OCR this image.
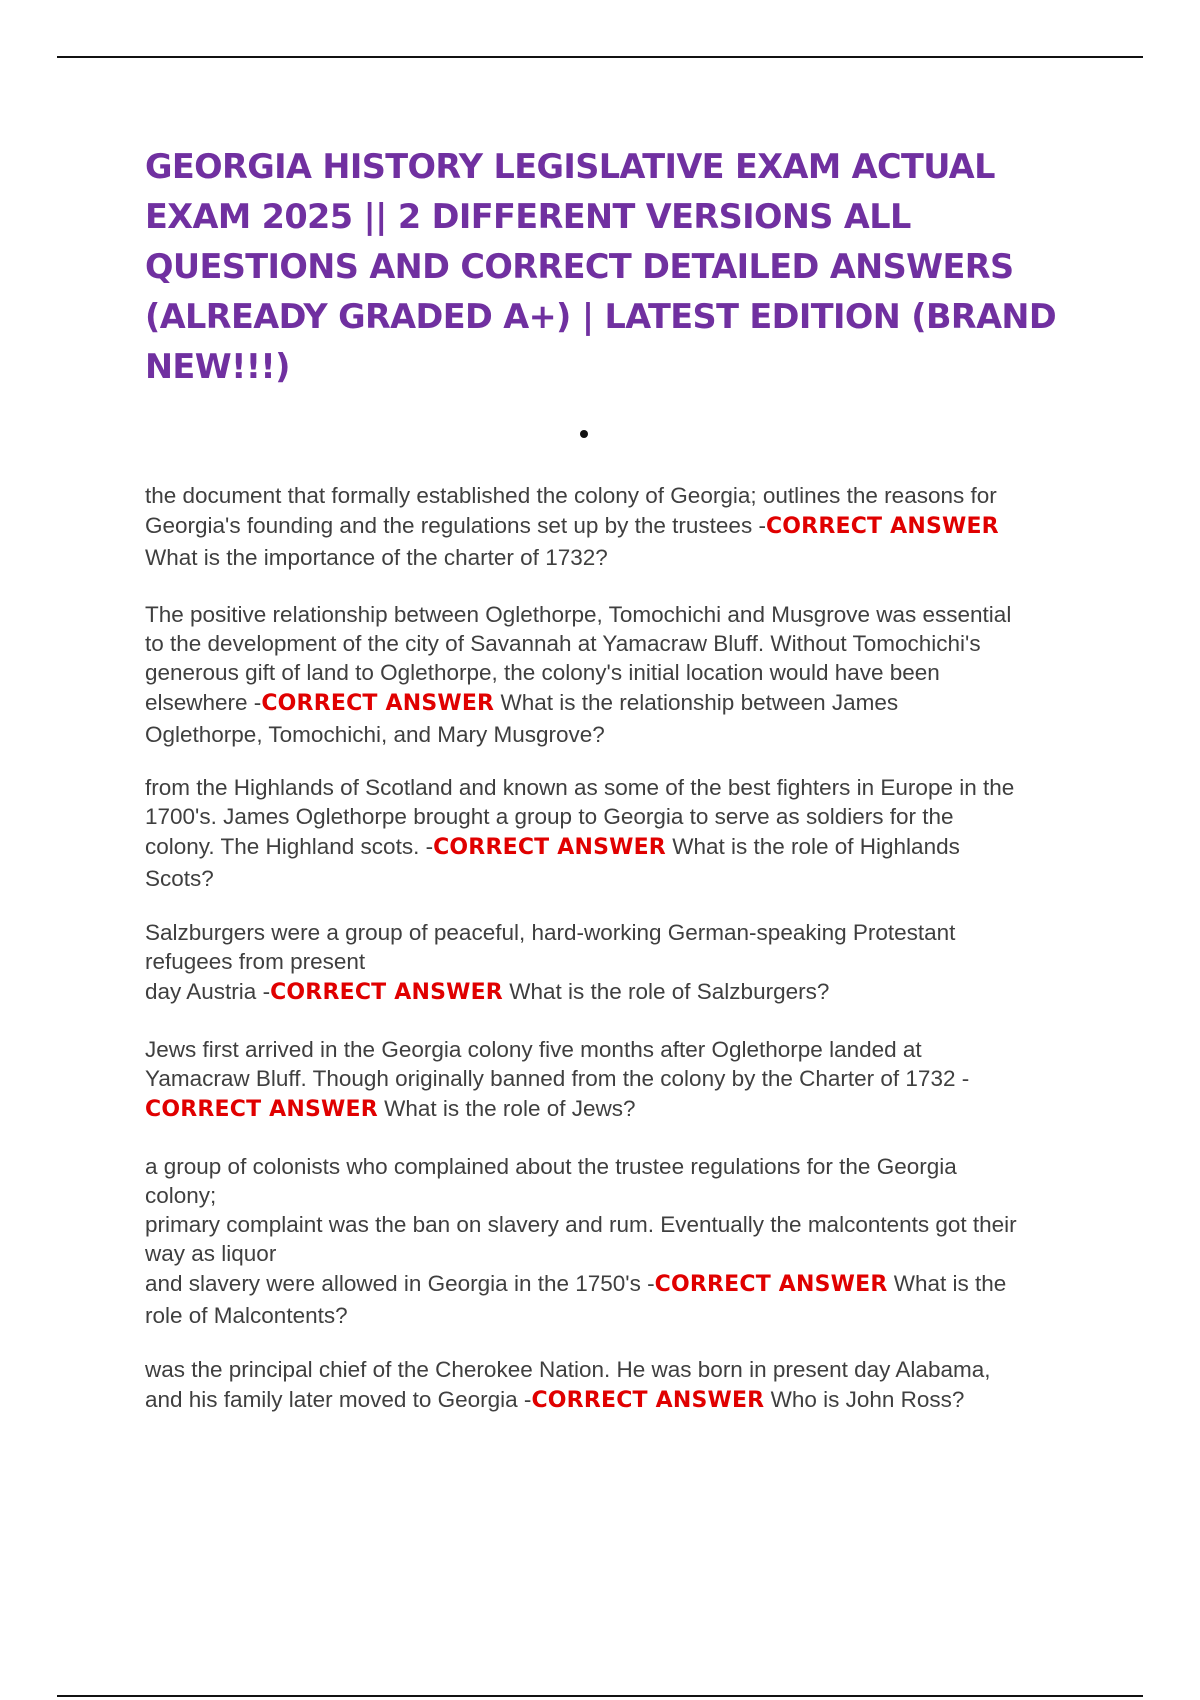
GEORGIA HISTORY LEGISLATIVE EXAM ACTUAL
EXAM 2025 || 2 DIFFERENT VERSIONS ALL
QUESTIONS AND CORRECT DETAILED ANSWERS
(ALREADY GRADED A+) | LATEST EDITION (BRAND
NEW!!!)
the document that formally established the colony of Georgia; outlines the reasons for
Georgia's founding and the regulations set up by the trustees -CORRECT ANSWER
What is the importance of the charter of 1732?
The positive relationship between Oglethorpe, Tomochichi and Musgrove was essential
to the development of the city of Savannah at Yamacraw Bluff. Without Tomochichi's
generous gift of land to Oglethorpe, the colony's initial location would have been
elsewhere -CORRECT ANSWER What is the relationship between James
Oglethorpe, Tomochichi, and Mary Musgrove?
from the Highlands of Scotland and known as some of the best fighters in Europe in the
1700's. James Oglethorpe brought a group to Georgia to serve as soldiers for the
colony. The Highland scots. -CORRECT ANSWER What is the role of Highlands
Scots?
Salzburgers were a group of peaceful, hard-working German-speaking Protestant
refugees from present
day Austria -CORRECT ANSWER What is the role of Salzburgers?
Jews first arrived in the Georgia colony five months after Oglethorpe landed at
Yamacraw Bluff. Though originally banned from the colony by the Charter of 1732 -
CORRECT ANSWER What is the role of Jews?
a group of colonists who complained about the trustee regulations for the Georgia
colony;
primary complaint was the ban on slavery and rum. Eventually the malcontents got their
way as liquor
and slavery were allowed in Georgia in the 1750's -CORRECT ANSWER What is the
role of Malcontents?
was the principal chief of the Cherokee Nation. He was born in present day Alabama,
and his family later moved to Georgia -CORRECT ANSWER Who is John Ross?
